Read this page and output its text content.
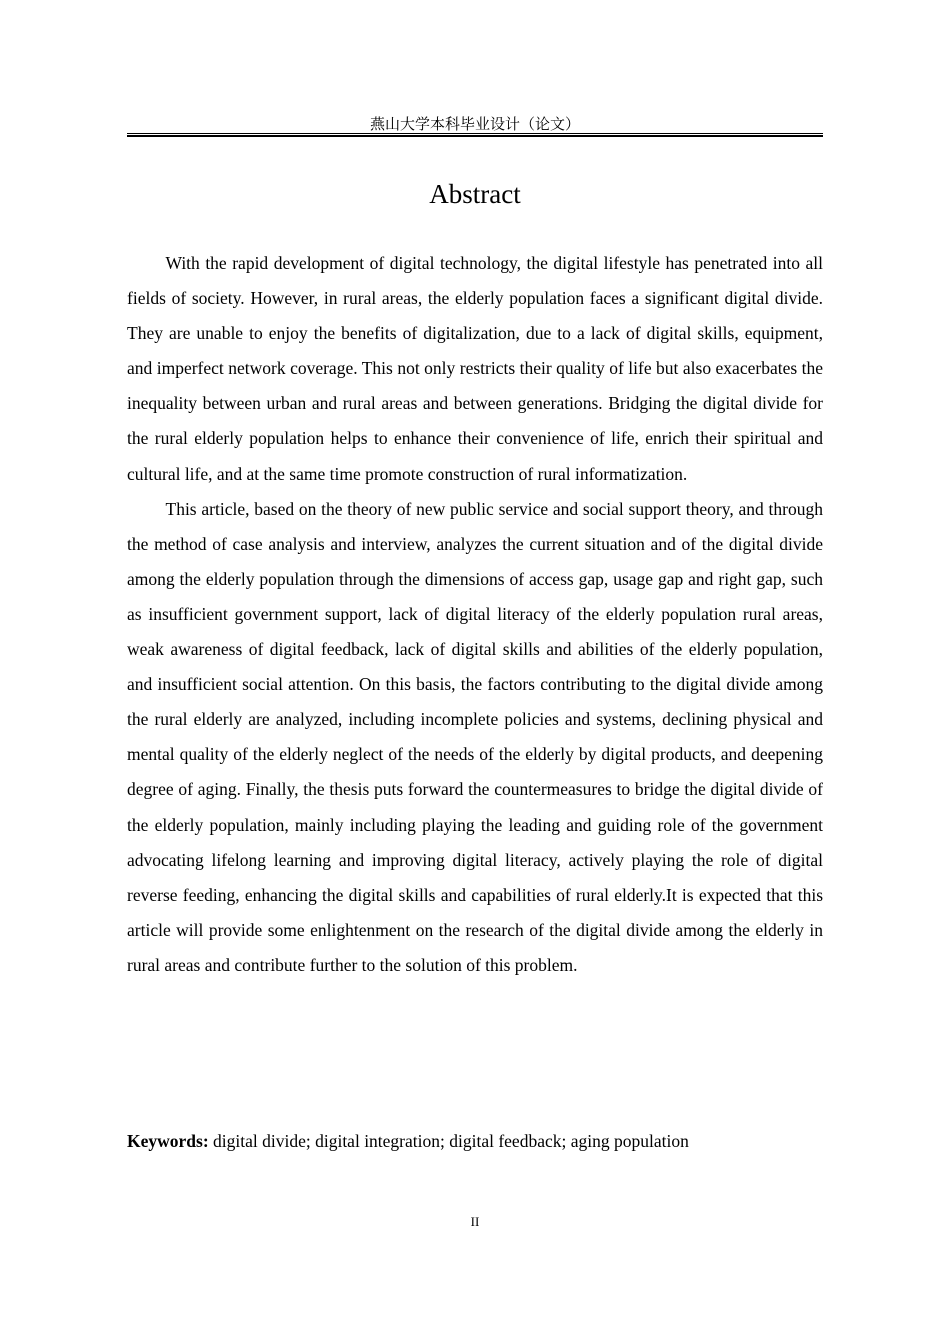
燕山大学本科毕业设计（论文）
Abstract

With the rapid development of digital technology, the digital lifestyle has penetrated into all fields of society. However, in rural areas, the elderly population faces a significant digital divide. They are unable to enjoy the benefits of digitalization, due to a lack of digital skills, equipment, and imperfect network coverage. This not only restricts their quality of life but also exacerbates the inequality between urban and rural areas and between generations. Bridging the digital divide for the rural elderly population helps to enhance their convenience of life, enrich their spiritual and cultural life, and at the same time promote construction of rural informatization.

This article, based on the theory of new public service and social support theory, and through the method of case analysis and interview, analyzes the current situation and of the digital divide among the elderly population through the dimensions of access gap, usage gap and right gap, such as insufficient government support, lack of digital literacy of the elderly population rural areas, weak awareness of digital feedback, lack of digital skills and abilities of the elderly population, and insufficient social attention. On this basis, the factors contributing to the digital divide among the rural elderly are analyzed, including incomplete policies and systems, declining physical and mental quality of the elderly neglect of the needs of the elderly by digital products, and deepening degree of aging. Finally, the thesis puts forward the countermeasures to bridge the digital divide of the elderly population, mainly including playing the leading and guiding role of the government advocating lifelong learning and improving digital literacy, actively playing the role of digital reverse feeding, enhancing the digital skills and capabilities of rural elderly.It is expected that this article will provide some enlightenment on the research of the digital divide among the elderly in rural areas and contribute further to the solution of this problem.

Keywords: digital divide; digital integration; digital feedback; aging population

II
